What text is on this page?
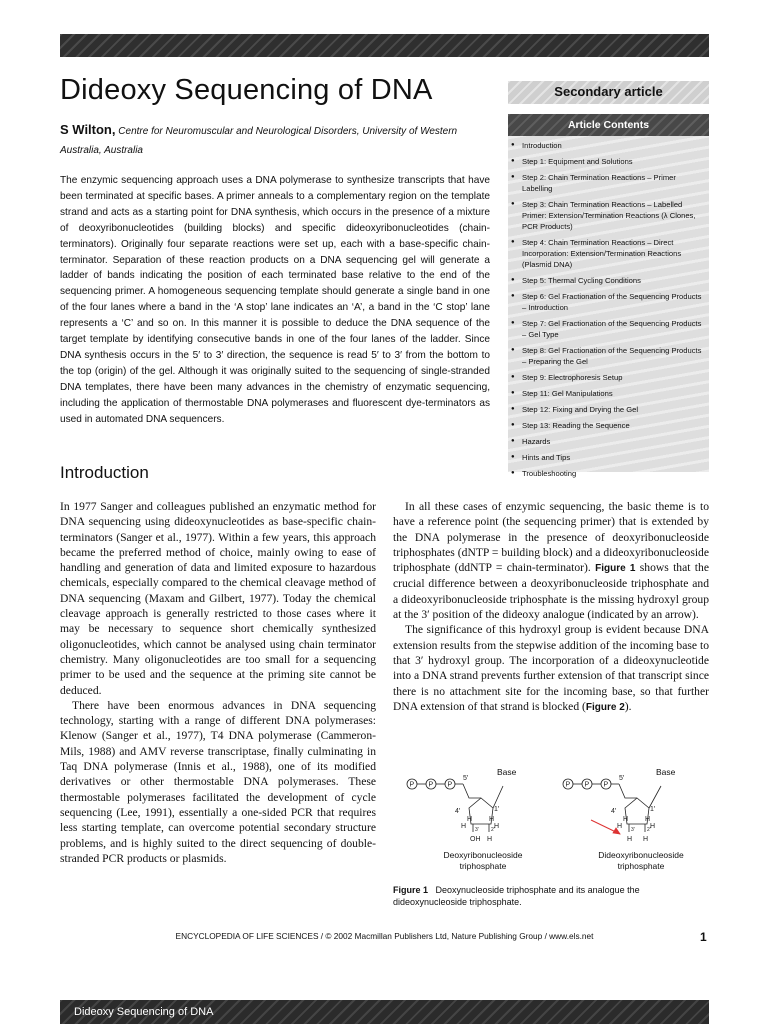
Dideoxy Sequencing of DNA
S Wilton, Centre for Neuromuscular and Neurological Disorders, University of Western Australia, Australia
The enzymic sequencing approach uses a DNA polymerase to synthesize transcripts that have been terminated at specific bases. A primer anneals to a complementary region on the template strand and acts as a starting point for DNA synthesis, which occurs in the presence of a mixture of deoxyribonucleotides (building blocks) and specific dideoxyribonucleotides (chain-terminators). Originally four separate reactions were set up, each with a base-specific chain-terminator. Separation of these reaction products on a DNA sequencing gel will generate a ladder of bands indicating the position of each terminated base relative to the end of the sequencing primer. A homogeneous sequencing template should generate a single band in one of the four lanes where a band in the ‘A stop’ lane indicates an ‘A’, a band in the ‘C stop’ lane represents a ‘C’ and so on. In this manner it is possible to deduce the DNA sequence of the target template by identifying consecutive bands in one of the four lanes of the ladder. Since DNA synthesis occurs in the 5′ to 3′ direction, the sequence is read 5′ to 3′ from the bottom to the top (origin) of the gel. Although it was originally suited to the sequencing of single-stranded DNA templates, there have been many advances in the chemistry of enzymatic sequencing, including the application of thermostable DNA polymerases and fluorescent dye-terminators as used in automated DNA sequencers.
Secondary article
Article Contents
● Introduction
● Step 1: Equipment and Solutions
● Step 2: Chain Termination Reactions – Primer Labelling
● Step 3: Chain Termination Reactions – Labelled Primer: Extension/Termination Reactions (λ Clones, PCR Products)
● Step 4: Chain Termination Reactions – Direct Incorporation: Extension/Termination Reactions (Plasmid DNA)
● Step 5: Thermal Cycling Conditions
● Step 6: Gel Fractionation of the Sequencing Products – Introduction
● Step 7: Gel Fractionation of the Sequencing Products – Gel Type
● Step 8: Gel Fractionation of the Sequencing Products – Preparing the Gel
● Step 9: Electrophoresis Setup
● Step 11: Gel Manipulations
● Step 12: Fixing and Drying the Gel
● Step 13: Reading the Sequence
● Hazards
● Hints and Tips
● Troubleshooting
Introduction

In 1977 Sanger and colleagues published an enzymatic method for DNA sequencing using dideoxynucleotides as base-specific chain-terminators (Sanger et al., 1977). Within a few years, this approach became the preferred method of choice, mainly owing to ease of handling and generation of data and limited exposure to hazardous chemicals, especially compared to the chemical cleavage method of DNA sequencing (Maxam and Gilbert, 1977). Today the chemical cleavage approach is generally restricted to those cases where it may be necessary to sequence short chemically synthesized oligonucleotides, which cannot be analysed using chain terminator chemistry. Many oligonucleotides are too small for a sequencing primer to be used and the sequence at the priming site cannot be deduced.

There have been enormous advances in DNA sequencing technology, starting with a range of different DNA polymerases: Klenow (Sanger et al., 1977), T4 DNA polymerase (Cammeron-Mils, 1988) and AMV reverse transcriptase, finally culminating in Taq DNA polymerase (Innis et al., 1988), one of its modified derivatives or other thermostable DNA polymerases. These thermostable polymerases facilitated the development of cycle sequencing (Lee, 1991), essentially a one-sided PCR that requires less starting template, can overcome potential secondary structure problems, and is highly suited to the direct sequencing of double-stranded PCR products or plasmids.

In all these cases of enzymic sequencing, the basic theme is to have a reference point (the sequencing primer) that is extended by the DNA polymerase in the presence of deoxyribonucleoside triphosphates (dNTP = building block) and a dideoxyribonucleoside triphosphate (ddNTP = chain-terminator). Figure 1 shows that the crucial difference between a deoxyribonucleoside triphosphate and a dideoxyribonucleoside triphosphate is the missing hydroxyl group at the 3′ position of the dideoxy analogue (indicated by an arrow).

The significance of this hydroxyl group is evident because DNA extension results from the stepwise addition of the incoming base to that 3′ hydroxyl group. The incorporation of a dideoxynucleotide into a DNA strand prevents further extension of that transcript since there is no attachment site for the incoming base, so that further DNA extension of that strand is blocked (Figure 2).

P P P
5′
4′	1′
H H
H	H
OH H
3′ 2′
P P P
5′
4′	1′
H H
H	H
H H
3′ 2′
Base	Base
Deoxyribonucleoside triphosphate
Dideoxyribonucleoside triphosphate
Figure 1 Deoxynucleoside triphosphate and its analogue the dideoxynucleoside triphosphate.
ENCYCLOPEDIA OF LIFE SCIENCES / © 2002 Macmillan Publishers Ltd, Nature Publishing Group / www.els.net	1
Dideoxy Sequencing of DNA
